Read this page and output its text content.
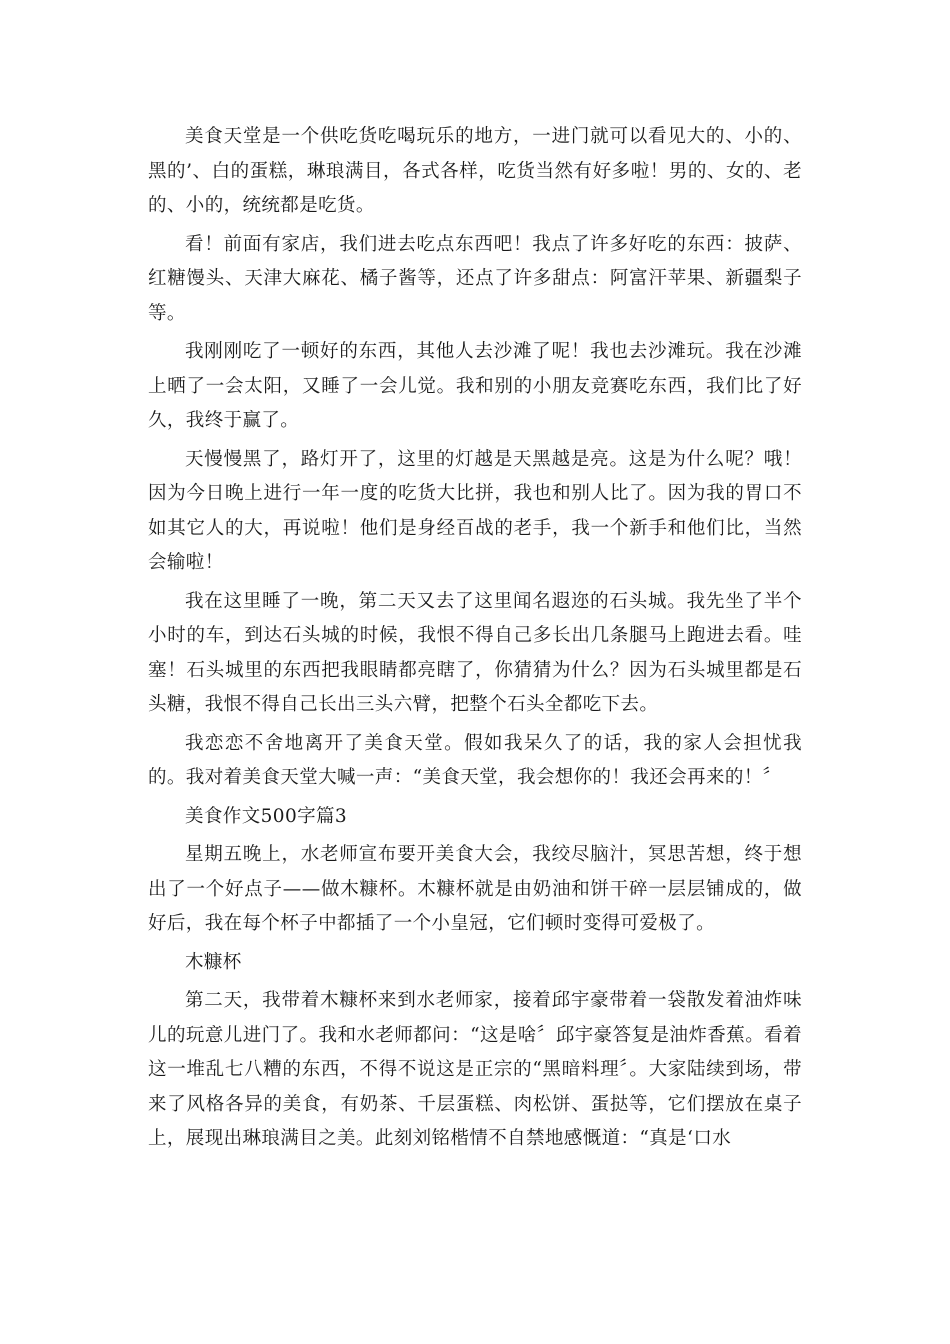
美食天堂是一个供吃货吃喝玩乐的地方，一进门就可以看见大的、小的、黑的’、白的蛋糕，琳琅满目，各式各样，吃货当然有好多啦！男的、女的、老的、小的，统统都是吃货。

看！前面有家店，我们进去吃点东西吧！我点了许多好吃的东西：披萨、红糖馒头、天津大麻花、橘子酱等，还点了许多甜点：阿富汗苹果、新疆梨子等。

我刚刚吃了一顿好的东西，其他人去沙滩了呢！我也去沙滩玩。我在沙滩上晒了一会太阳，又睡了一会儿觉。我和别的小朋友竞赛吃东西，我们比了好久，我终于赢了。

天慢慢黑了，路灯开了，这里的灯越是天黑越是亮。这是为什么呢？哦！因为今日晚上进行一年一度的吃货大比拼，我也和别人比了。因为我的胃口不如其它人的大，再说啦！他们是身经百战的老手，我一个新手和他们比，当然会输啦！

我在这里睡了一晚，第二天又去了这里闻名遐迩的石头城。我先坐了半个小时的车，到达石头城的时候，我恨不得自己多长出几条腿马上跑进去看。哇塞！石头城里的东西把我眼睛都亮瞎了，你猜猜为什么？因为石头城里都是石头糖，我恨不得自己长出三头六臂，把整个石头全都吃下去。

我恋恋不舍地离开了美食天堂。假如我呆久了的话，我的家人会担忧我的。我对着美食天堂大喊一声：“美食天堂，我会想你的！我还会再来的！〞

美食作文500字篇3

星期五晚上，水老师宣布要开美食大会，我绞尽脑汁，冥思苦想，终于想出了一个好点子——做木糠杯。木糠杯就是由奶油和饼干碎一层层铺成的，做好后，我在每个杯子中都插了一个小皇冠，它们顿时变得可爱极了。

木糠杯

第二天，我带着木糠杯来到水老师家，接着邱宇豪带着一袋散发着油炸味儿的玩意儿进门了。我和水老师都问：“这是啥〞邱宇豪答复是油炸香蕉。看着这一堆乱七八糟的东西，不得不说这是正宗的“黑暗料理〞。大家陆续到场，带来了风格各异的美食，有奶茶、千层蛋糕、肉松饼、蛋挞等，它们摆放在桌子上，展现出琳琅满目之美。此刻刘铭楷情不自禁地感慨道：“真是‘口水
